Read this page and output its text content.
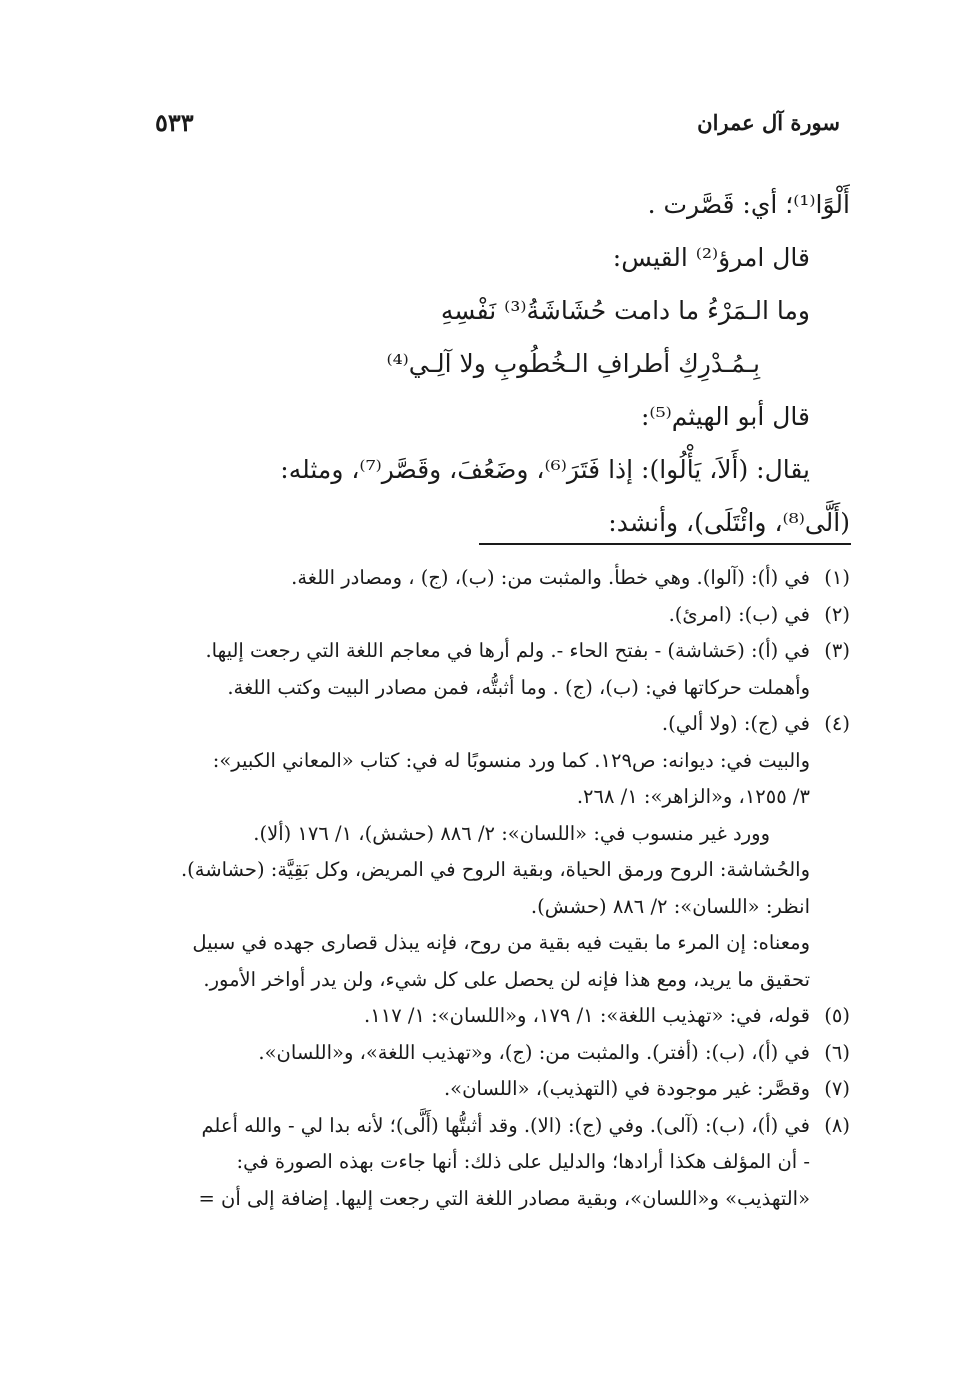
سورة آل عمران
٥٣٣
أَلْوًا⁽¹⁾؛ أي: قَصَّرت .
قال امرؤ⁽²⁾ القيس:
وما الـمَرْءُ ما دامت حُشَاشَةُ⁽³⁾ نَفْسِهِ
بِـمُـدْرِكِ أطرافِ الـخُطُوبِ ولا آلِـي⁽⁴⁾
قال أبو الهيثم⁽⁵⁾:
يقال: (أَلاَ، يَأْلُوا): إذا فَتَرَ⁽⁶⁾، وضَعُفَ، وقَصَّر⁽⁷⁾، ومثله:
(أَلَّى⁽⁸⁾، وائْتَلَى)، وأنشد:
(١)
في (أ): (آلوا). وهي خطأ. والمثبت من: (ب)، (ج) ، ومصادر اللغة.
(٢)
في (ب): (امرئ).
(٣)
في (أ): (حَشاشة) - بفتح الحاء -. ولم أرها في معاجم اللغة التي رجعت إليها.
وأهملت حركاتها في: (ب)، (ج) . وما أثبتُّه، فمن مصادر البيت وكتب اللغة.
(٤)
في (ج): (ولا ألي).
والبيت في: ديوانه: ص١٢٩. كما ورد منسوبًا له في: كتاب «المعاني الكبير»:
٣/ ١٢٥٥، و«الزاهر»: ١/ ٢٦٨.
وورد غير منسوب في: «اللسان»: ٢/ ٨٨٦ (حشش)، ١/ ١٧٦ (ألا).
والحُشاشة: الروح ورمق الحياة، وبقية الروح في المريض، وكل بَقِيَّة: (حشاشة).
انظر: «اللسان»: ٢/ ٨٨٦ (حشش).
ومعناه: إن المرء ما بقيت فيه بقية من روح، فإنه يبذل قصارى جهده في سبيل
تحقيق ما يريد، ومع هذا فإنه لن يحصل على كل شيء، ولن يدر أواخر الأمور.
(٥)
قوله، في: «تهذيب اللغة»: ١/ ١٧٩، و«اللسان»: ١/ ١١٧.
(٦)
في (أ)، (ب): (أفتر). والمثبت من: (ج)، و«تهذيب اللغة»، و«اللسان».
(٧)
وقصَّر: غير موجودة في (التهذيب)، «اللسان».
(٨)
في (أ)، (ب): (آلى). وفي (ج): (الا). وقد أثبتُّها (أَلَّى)؛ لأنه بدا لي - والله أعلم
- أن المؤلف هكذا أرادها؛ والدليل على ذلك: أنها جاءت بهذه الصورة في:
«التهذيب» و«اللسان»، وبقية مصادر اللغة التي رجعت إليها. إضافة إلى أن =
